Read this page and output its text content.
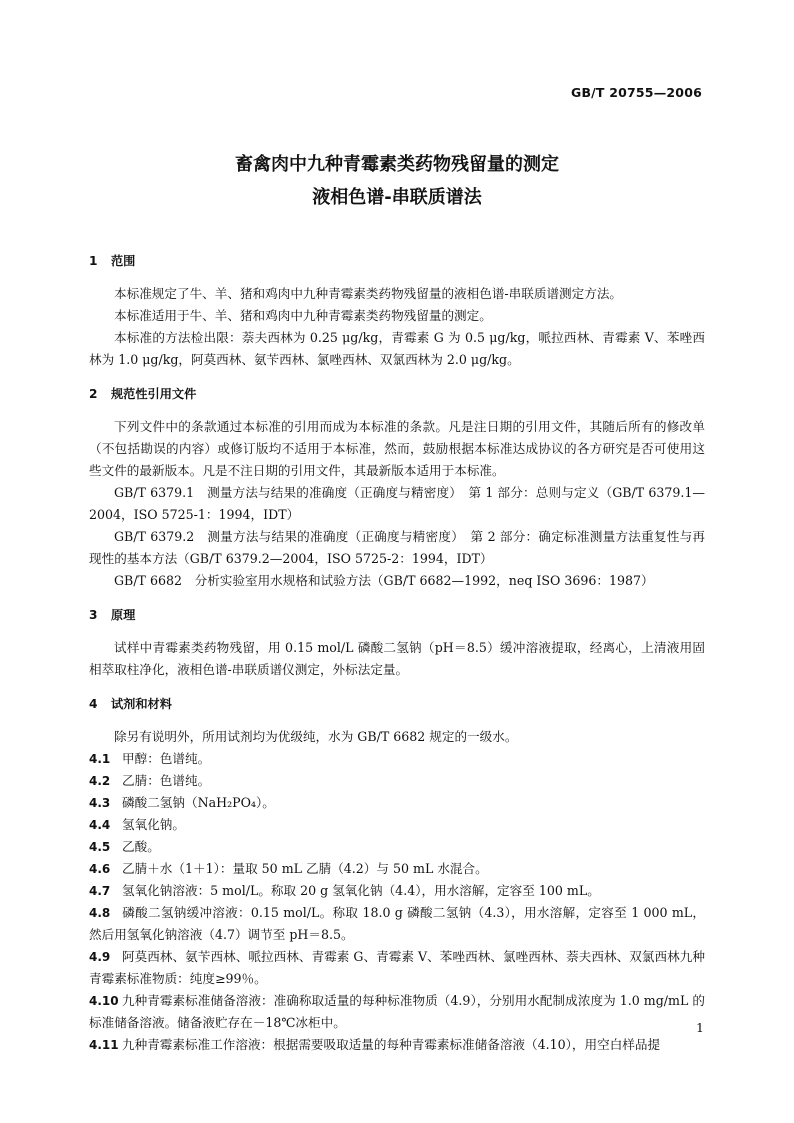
GB/T 20755—2006
畜禽肉中九种青霉素类药物残留量的测定
液相色谱-串联质谱法
1 范围

本标准规定了牛、羊、猪和鸡肉中九种青霉素类药物残留量的液相色谱-串联质谱测定方法。

本标准适用于牛、羊、猪和鸡肉中九种青霉素类药物残留量的测定。

本标准的方法检出限：萘夫西林为 0.25 μg/kg，青霉素 G 为 0.5 μg/kg，哌拉西林、青霉素 V、苯唑西林为 1.0 μg/kg，阿莫西林、氨苄西林、氯唑西林、双氯西林为 2.0 μg/kg。

2 规范性引用文件

下列文件中的条款通过本标准的引用而成为本标准的条款。凡是注日期的引用文件，其随后所有的修改单（不包括勘误的内容）或修订版均不适用于本标准，然而，鼓励根据本标准达成协议的各方研究是否可使用这些文件的最新版本。凡是不注日期的引用文件，其最新版本适用于本标准。

GB/T 6379.1　测量方法与结果的准确度（正确度与精密度）　第 1 部分：总则与定义（GB/T 6379.1—2004，ISO 5725-1：1994，IDT）

GB/T 6379.2　测量方法与结果的准确度（正确度与精密度）　第 2 部分：确定标准测量方法重复性与再现性的基本方法（GB/T 6379.2—2004，ISO 5725-2：1994，IDT）

GB/T 6682　分析实验室用水规格和试验方法（GB/T 6682—1992，neq ISO 3696：1987）

3 原理

试样中青霉素类药物残留，用 0.15 mol/L 磷酸二氢钠（pH＝8.5）缓冲溶液提取，经离心，上清液用固相萃取柱净化，液相色谱-串联质谱仪测定，外标法定量。

4 试剂和材料

除另有说明外，所用试剂均为优级纯，水为 GB/T 6682 规定的一级水。

4.1 甲醇：色谱纯。

4.2 乙腈：色谱纯。

4.3 磷酸二氢钠（NaH₂PO₄）。

4.4 氢氧化钠。

4.5 乙酸。

4.6 乙腈＋水（1＋1）：量取 50 mL 乙腈（4.2）与 50 mL 水混合。

4.7 氢氧化钠溶液：5 mol/L。称取 20 g 氢氧化钠（4.4），用水溶解，定容至 100 mL。

4.8 磷酸二氢钠缓冲溶液：0.15 mol/L。称取 18.0 g 磷酸二氢钠（4.3），用水溶解，定容至 1 000 mL，然后用氢氧化钠溶液（4.7）调节至 pH＝8.5。

4.9 阿莫西林、氨苄西林、哌拉西林、青霉素 G、青霉素 V、苯唑西林、氯唑西林、萘夫西林、双氯西林九种青霉素标准物质：纯度≥99％。

4.10 九种青霉素标准储备溶液：准确称取适量的每种标准物质（4.9），分别用水配制成浓度为 1.0 mg/mL 的标准储备溶液。储备液贮存在－18℃冰柜中。

4.11 九种青霉素标准工作溶液：根据需要吸取适量的每种青霉素标准储备溶液（4.10），用空白样品提

1
